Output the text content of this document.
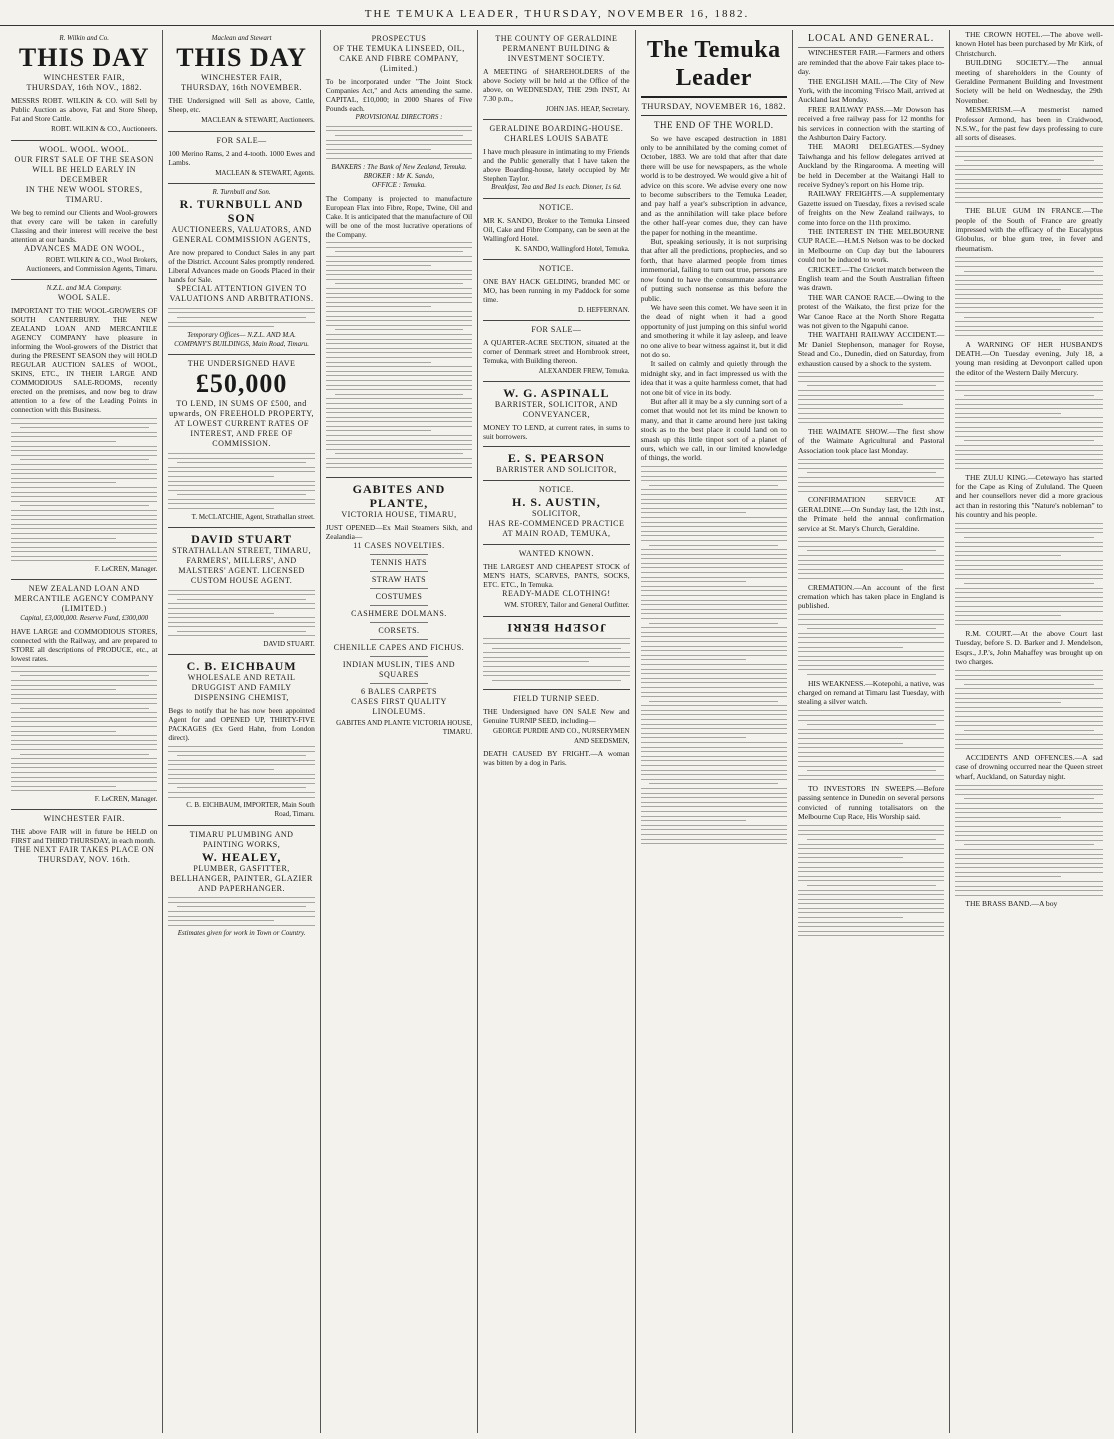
THE TEMUKA LEADER, THURSDAY, NOVEMBER 16, 1882.
R. Wilkin and Co.
THIS DAY
WINCHESTER FAIR,
THURSDAY, 16th NOV., 1882.
MESSRS ROBT. WILKIN & CO. will Sell by Public Auction as above, Fat and Store Sheep, Fat and Store Cattle.
ROBT. WILKIN & CO., Auctioneers.
WOOL. WOOL. WOOL.
OUR FIRST SALE OF THE SEASON WILL BE HELD EARLY IN DECEMBER
IN THE NEW WOOL STORES, TIMARU.
We beg to remind our Clients and Wool-growers that every care will be taken in carefully Classing and their interest will receive the best attention at our hands.
ADVANCES MADE ON WOOL,
ROBT. WILKIN & CO., Wool Brokers, Auctioneers, and Commission Agents, Timaru.
N.Z.L. and M.A. Company.
WOOL SALE.
IMPORTANT TO THE WOOL-GROWERS OF SOUTH CANTERBURY. THE NEW ZEALAND LOAN AND MERCANTILE AGENCY COMPANY have pleasure in informing the Wool-growers of the District that during the PRESENT SEASON they will HOLD REGULAR AUCTION SALES of WOOL, SKINS, ETC., IN THEIR LARGE AND COMMODIOUS SALE-ROOMS, recently erected on the premises, and now beg to draw attention to a few of the Leading Points in connection with this Business.
F. LeCREN, Manager.
NEW ZEALAND LOAN AND MERCANTILE AGENCY COMPANY (LIMITED.)
Capital, £3,000,000. Reserve Fund, £300,000
HAVE LARGE and COMMODIOUS STORES, connected with the Railway, and are prepared to STORE all descriptions of PRODUCE, etc., at lowest rates.
F. LeCREN, Manager.
WINCHESTER FAIR.
THE above FAIR will in future be HELD on FIRST and THIRD THURSDAY, in each month.
THE NEXT FAIR TAKES PLACE ON THURSDAY, NOV. 16th.
Maclean and Stewart
THIS DAY
WINCHESTER FAIR,
THURSDAY, 16th NOVEMBER.
THE Undersigned will Sell as above, Cattle, Sheep, etc.
MACLEAN & STEWART, Auctioneers.
FOR SALE—
100 Merino Rams, 2 and 4-tooth. 1000 Ewes and Lambs.
MACLEAN & STEWART, Agents.
R. Turnbull and Son.
R. TURNBULL AND SON
AUCTIONEERS, VALUATORS, AND GENERAL COMMISSION AGENTS,
Are now prepared to Conduct Sales in any part of the District. Account Sales promptly rendered. Liberal Advances made on Goods Placed in their hands for Sale.
SPECIAL ATTENTION GIVEN TO VALUATIONS AND ARBITRATIONS.
Temporary Offices— N.Z.L. AND M.A. COMPANY'S BUILDINGS, Main Road, Timaru.
THE UNDERSIGNED HAVE
£50,000
TO LEND, IN SUMS OF £500, and upwards, ON FREEHOLD PROPERTY, AT LOWEST CURRENT RATES OF INTEREST, AND FREE OF COMMISSION.
T. McCLATCHIE, Agent, Strathallan street.
DAVID STUART
STRATHALLAN STREET, TIMARU,
FARMERS', MILLERS', AND MALSTERS' AGENT. LICENSED CUSTOM HOUSE AGENT.
DAVID STUART.
C. B. EICHBAUM
WHOLESALE AND RETAIL DRUGGIST AND FAMILY DISPENSING CHEMIST,
Begs to notify that he has now been appointed Agent for and OPENED UP, THIRTY-FIVE PACKAGES (Ex Gerd Hahn, from London direct).
C. B. EICHBAUM, IMPORTER, Main South Road, Timaru.
TIMARU PLUMBING AND PAINTING WORKS,
W. HEALEY,
PLUMBER, GASFITTER, BELLHANGER, PAINTER, GLAZIER AND PAPERHANGER.
Estimates given for work in Town or Country.
PROSPECTUS
OF THE TEMUKA LINSEED, OIL, CAKE AND FIBRE COMPANY, (Limited.)
To be incorporated under "The Joint Stock Companies Act," and Acts amending the same. CAPITAL, £10,000; in 2000 Shares of Five Pounds each.
PROVISIONAL DIRECTORS :
BANKERS : The Bank of New Zealand, Temuka.
BROKER : Mr K. Sando,
OFFICE : Temuka.
The Company is projected to manufacture European Flax into Fibre, Rope, Twine, Oil and Cake. It is anticipated that the manufacture of Oil will be one of the most lucrative operations of the Company.
GABITES AND PLANTE,
VICTORIA HOUSE, TIMARU,
JUST OPENED—Ex Mail Steamers Sikh, and Zealandia—
11 CASES NOVELTIES.
TENNIS HATS
STRAW HATS
COSTUMES
CASHMERE DOLMANS.
CORSETS.
CHENILLE CAPES AND FICHUS.
INDIAN MUSLIN, TIES AND SQUARES
6 BALES CARPETS
CASES FIRST QUALITY LINOLEUMS.
GABITES AND PLANTE VICTORIA HOUSE, TIMARU.
THE COUNTY OF GERALDINE PERMANENT BUILDING & INVESTMENT SOCIETY.
A MEETING of SHAREHOLDERS of the above Society will be held at the Office of the above, on WEDNESDAY, THE 29th INST, At 7.30 p.m.,
JOHN JAS. HEAP, Secretary.
GERALDINE BOARDING-HOUSE.
CHARLES LOUIS SABATE
I have much pleasure in intimating to my Friends and the Public generally that I have taken the above Boarding-house, lately occupied by Mr Stephen Taylor.
Breakfast, Tea and Bed 1s each. Dinner, 1s 6d.
NOTICE.
MR K. SANDO, Broker to the Temuka Linseed Oil, Cake and Fibre Company, can be seen at the Wallingford Hotel.
K. SANDO, Wallingford Hotel, Temuka.
NOTICE.
ONE BAY HACK GELDING, branded MC or MO, has been running in my Paddock for some time.
D. HEFFERNAN.
FOR SALE—
A QUARTER-ACRE SECTION, situated at the corner of Denmark street and Hornbrook street, Temuka, with Building thereon.
ALEXANDER FREW, Temuka.
W. G. ASPINALL
BARRISTER, SOLICITOR, AND CONVEYANCER,
MONEY TO LEND, at current rates, in sums to suit borrowers.
E. S. PEARSON
BARRISTER AND SOLICITOR,
NOTICE.
H. S. AUSTIN,
SOLICITOR,
HAS RE-COMMENCED PRACTICE AT MAIN ROAD, TEMUKA,
WANTED KNOWN.
THE LARGEST AND CHEAPEST STOCK of MEN'S HATS, SCARVES, PANTS, SOCKS, ETC. ETC., In Temuka.
READY-MADE CLOTHING!
WM. STOREY, Tailor and General Outfitter.
JOSEPH BERRI
FIELD TURNIP SEED.
THE Undersigned have ON SALE New and Genuine TURNIP SEED, including—
GEORGE PURDIE AND CO., NURSERYMEN AND SEEDSMEN,
DEATH CAUSED BY FRIGHT.—A woman was bitten by a dog in Paris.
The Temuka Leader
THURSDAY, NOVEMBER 16, 1882.
THE END OF THE WORLD.

So we have escaped destruction in 1881 only to be annihilated by the coming comet of October, 1883. We are told that after that date there will be use for newspapers, as the whole world is to be destroyed. We would give a hit of advice on this score. We advise every one now to become subscribers to the Temuka Leader, and pay half a year's subscription in advance, and as the annihilation will take place before the other half-year comes due, they can have the paper for nothing in the meantime.

But, speaking seriously, it is not surprising that after all the predictions, prophecies, and so forth, that have alarmed people from times immemorial, failing to turn out true, persons are now found to have the consummate assurance of putting such nonsense as this before the public.

We have seen this comet. We have seen it in the dead of night when it had a good opportunity of just jumping on this sinful world and smothering it while it lay asleep, and leave no one alive to bear witness against it, but it did not do so.

It sailed on calmly and quietly through the midnight sky, and in fact impressed us with the idea that it was a quite harmless comet, that had not one bit of vice in its body.

But after all it may be a sly cunning sort of a comet that would not let its mind be known to many, and that it came around here just taking stock as to the best place it could land on to smash up this little tinpot sort of a planet of ours, which we call, in our limited knowledge of things, the world.

LOCAL AND GENERAL.

WINCHESTER FAIR.—Farmers and others are reminded that the above Fair takes place to-day.

THE ENGLISH MAIL.—The City of New York, with the incoming 'Frisco Mail, arrived at Auckland last Monday.

FREE RAILWAY PASS.—Mr Dowson has received a free railway pass for 12 months for his services in connection with the starting of the Ashburton Dairy Factory.

THE MAORI DELEGATES.—Sydney Taiwhanga and his fellow delegates arrived at Auckland by the Ringarooma. A meeting will be held in December at the Waitangi Hall to receive Sydney's report on his Home trip.

RAILWAY FREIGHTS.—A supplementary Gazette issued on Tuesday, fixes a revised scale of freights on the New Zealand railways, to come into force on the 11th proximo.

THE INTEREST IN THE MELBOURNE CUP RACE.—H.M.S Nelson was to be docked in Melbourne on Cup day but the labourers could not be induced to work.

CRICKET.—The Cricket match between the English team and the South Australian fifteen was drawn.

THE WAR CANOE RACE.—Owing to the protest of the Waikato, the first prize for the War Canoe Race at the North Shore Regatta was not given to the Ngapuhi canoe.

THE WAITAHI RAILWAY ACCIDENT.—Mr Daniel Stephenson, manager for Royse, Stead and Co., Dunedin, died on Saturday, from exhaustion caused by a shock to the system.

THE WAIMATE SHOW.—The first show of the Waimate Agricultural and Pastoral Association took place last Monday.

CONFIRMATION SERVICE AT GERALDINE.—On Sunday last, the 12th inst., the Primate held the annual confirmation service at St. Mary's Church, Geraldine.

CREMATION.—An account of the first cremation which has taken place in England is published.

HIS WEAKNESS.—Kotepohi, a native, was charged on remand at Timaru last Tuesday, with stealing a silver watch.

TO INVESTORS IN SWEEPS.—Before passing sentence in Dunedin on several persons convicted of running totalisators on the Melbourne Cup Race, His Worship said.

THE CROWN HOTEL.—The above well-known Hotel has been purchased by Mr Kirk, of Christchurch.

BUILDING SOCIETY.—The annual meeting of shareholders in the County of Geraldine Permanent Building and Investment Society will be held on Wednesday, the 29th November.

MESMERISM.—A mesmerist named Professor Armond, has been in Craidwood, N.S.W., for the past few days professing to cure all sorts of diseases.

THE BLUE GUM IN FRANCE.—The people of the South of France are greatly impressed with the efficacy of the Eucalyptus Globulus, or blue gum tree, in fever and rheumatism.

A WARNING OF HER HUSBAND'S DEATH.—On Tuesday evening, July 18, a young man residing at Devonport called upon the editor of the Western Daily Mercury.

THE ZULU KING.—Cetewayo has started for the Cape as King of Zululand. The Queen and her counsellors never did a more gracious act than in restoring this "Nature's nobleman" to his country and his people.

R.M. COURT.—At the above Court last Tuesday, before S. D. Barker and J. Mendelson, Esqrs., J.P.'s, John Mahaffey was brought up on two charges.

ACCIDENTS AND OFFENCES.—A sad case of drowning occurred near the Queen street wharf, Auckland, on Saturday night.

THE BRASS BAND.—A boy
